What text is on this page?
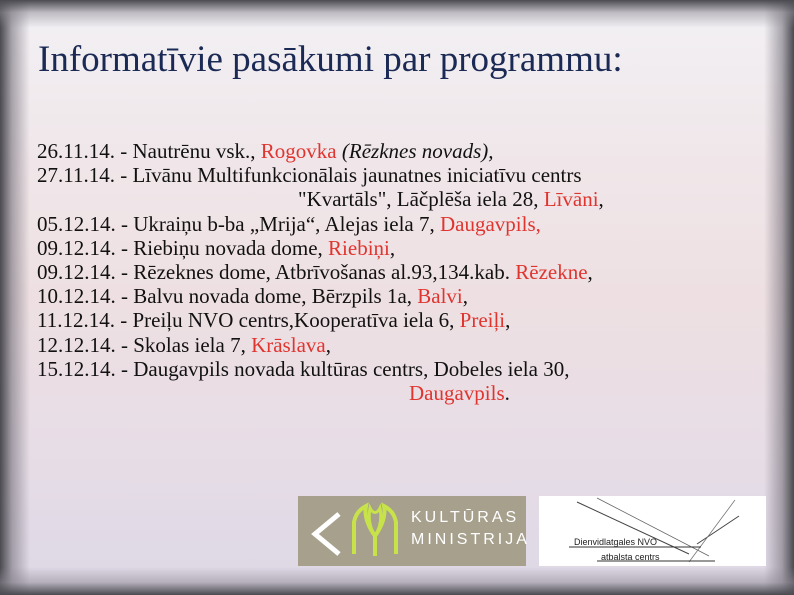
Informatīvie pasākumi par programmu:
26.11.14. - Nautrēnu vsk., Rogovka (Rēzknes novads),
27.11.14. - Līvānu Multifunkcionālais jaunatnes iniciatīvu centrs
"Kvartāls", Lāčplēša iela 28, Līvāni,
05.12.14. - Ukraiņu b-ba „Mrija“, Alejas iela 7, Daugavpils,
09.12.14. - Riebiņu novada dome, Riebiņi,
09.12.14. - Rēzeknes dome, Atbrīvošanas al.93,134.kab. Rēzekne,
10.12.14. - Balvu novada dome, Bērzpils 1a, Balvi,
11.12.14. - Preiļu NVO centrs,Kooperatīva iela 6, Preiļi,
12.12.14. - Skolas iela 7, Krāslava,
15.12.14. - Daugavpils novada kultūras centrs, Dobeles iela 30,
Daugavpils.
KULTŪRAS
MINISTRIJA	Dienvidlatgales NVO
atbalsta centrs
